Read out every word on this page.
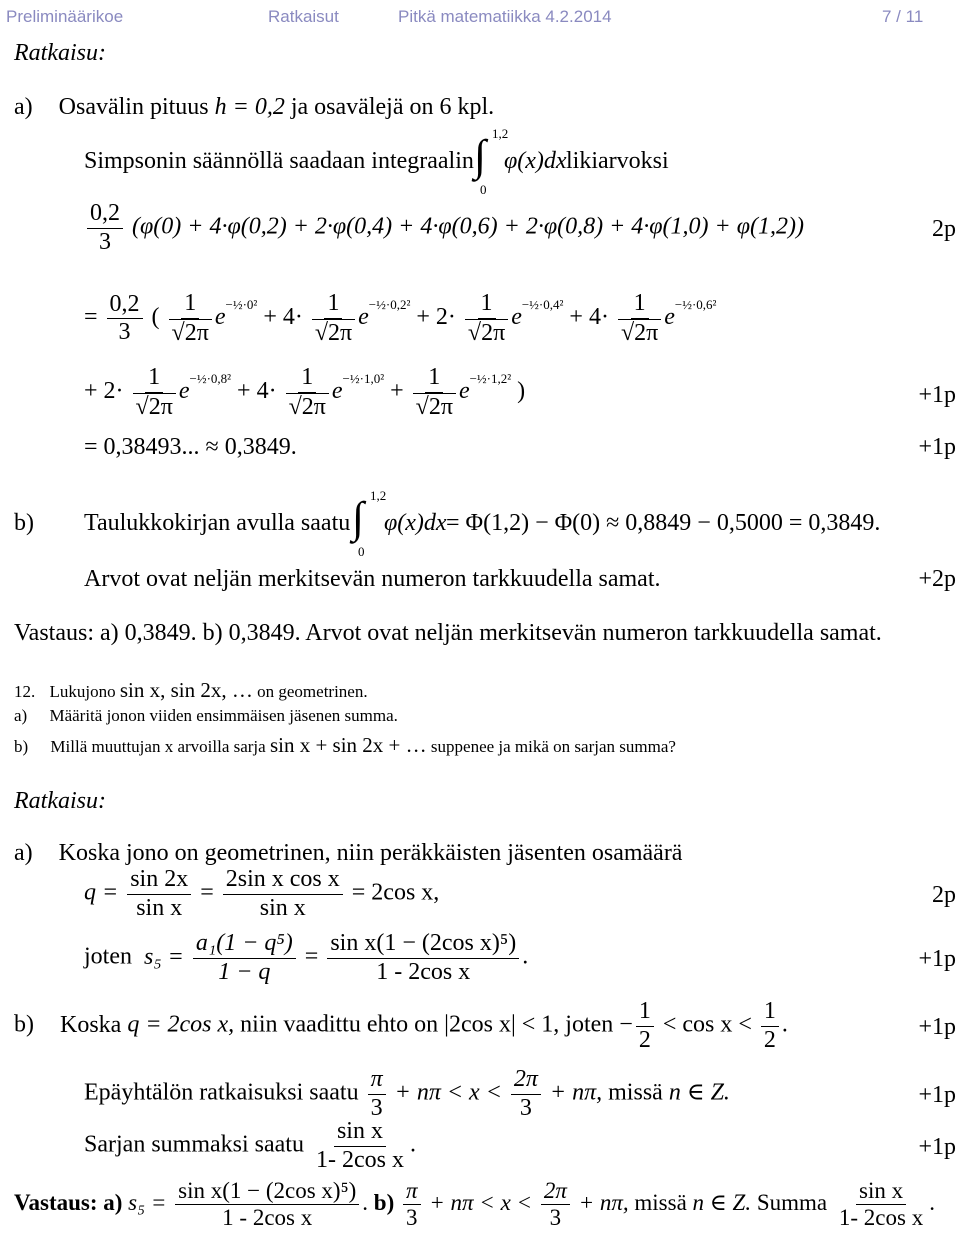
Preliminäärikoe	Ratkaisut	Pitkä matematiikka 4.2.2014	7 / 11
Ratkaisu:
a) Osavälin pituus h = 0,2 ja osavälejä on 6 kpl.
Simpsonin säännöllä saadaan integraalin ∫ 1,2
0
φ(x)dx likiarvoksi
$\frac{0,2}{3} (\varphi(0) + 4\cdot\varphi(0,2) + 2\cdot\varphi(0,4) + 4\cdot\varphi(0,6) + 2\cdot\varphi(0,8) + 4\cdot\varphi(1,0) + \varphi(1,2))$	2p
= $\frac{0,2}{3}$ ( $\frac{1}{√2\pi} e^{-\frac{1}{2}\cdot 0^2} + 4\cdot \frac{1}{√2\pi} e^{-\frac{1}{2}\cdot 0,2^2} + 2\cdot \frac{1}{√2\pi} e^{-\frac{1}{2}\cdot 0,4^2} + 4\cdot \frac{1}{√2\pi} e^{-\frac{1}{2}\cdot 0,6^2}$
+ $2\cdot \frac{1}{√2\pi} e^{-\frac{1}{2}\cdot 0,8^2} + 4\cdot \frac{1}{√2\pi} e^{-\frac{1}{2}\cdot 1,0^2} + \frac{1}{√2\pi} e^{-\frac{1}{2}\cdot 1,2^2}$ )	+1p
= 0,38493... ≈ 0,3849.	+1p
b) Taulukkokirjan avulla saatu ∫ 1,2
0
φ(x)dx = Φ(1,2) − Φ(0) ≈ 0,8849 − 0,5000 = 0,3849.
Arvot ovat neljän merkitsevän numeron tarkkuudella samat.	+2p
Vastaus: a) 0,3849. b) 0,3849. Arvot ovat neljän merkitsevän numeron tarkkuudella samat.
12. Lukujono sin x, sin 2x, … on geometrinen.
a) Määritä jonon viiden ensimmäisen jäsenen summa.
b) Millä muuttujan x arvoilla sarja sin x + sin 2x + … suppenee ja mikä on sarjan summa?
Ratkaisu:
a) Koska jono on geometrinen, niin peräkkäisten jäsenten osamäärä
$q = \frac{\sin 2x}{\text{sin x}} = \frac{\text{2sin x cos x}}{\text{sin x}} = 2\cos$ x,	2p
joten $s_5 = \frac{\text{a₁(1 − q⁵)}}{1 - q} = \frac{\text{sin x(1 − (2cos x)⁵)}}{\text{1 - 2cos x}}$ .	+1p
b) Koska q = 2cos x, niin vaadittu ehto on |2cos x| < 1, joten − $\frac{1}{2} < \cos x < \frac{1}{2}$ .	+1p
Epäyhtälön ratkaisuksi saatu $\frac{\pi}{3} + n\pi < x < \frac{2\pi}{3} + n\pi$, missä n ∈ Z.	+1p
Sarjan summaksi saatu $\frac{\text{sin x}}{\text{1- 2cos x}}$ .	+1p
Vastaus: a) $s_5 = \frac{\text{sin x(1 − (2cos x)⁵)}}{\text{1 - 2cos x}}$ . $b) \frac{\pi}{3} + n\pi < x < \frac{2\pi}{3} + n\pi$, missä n ∈ Z. Summa $\frac{\text{sin x}}{\text{1- 2cos x}}$ .
